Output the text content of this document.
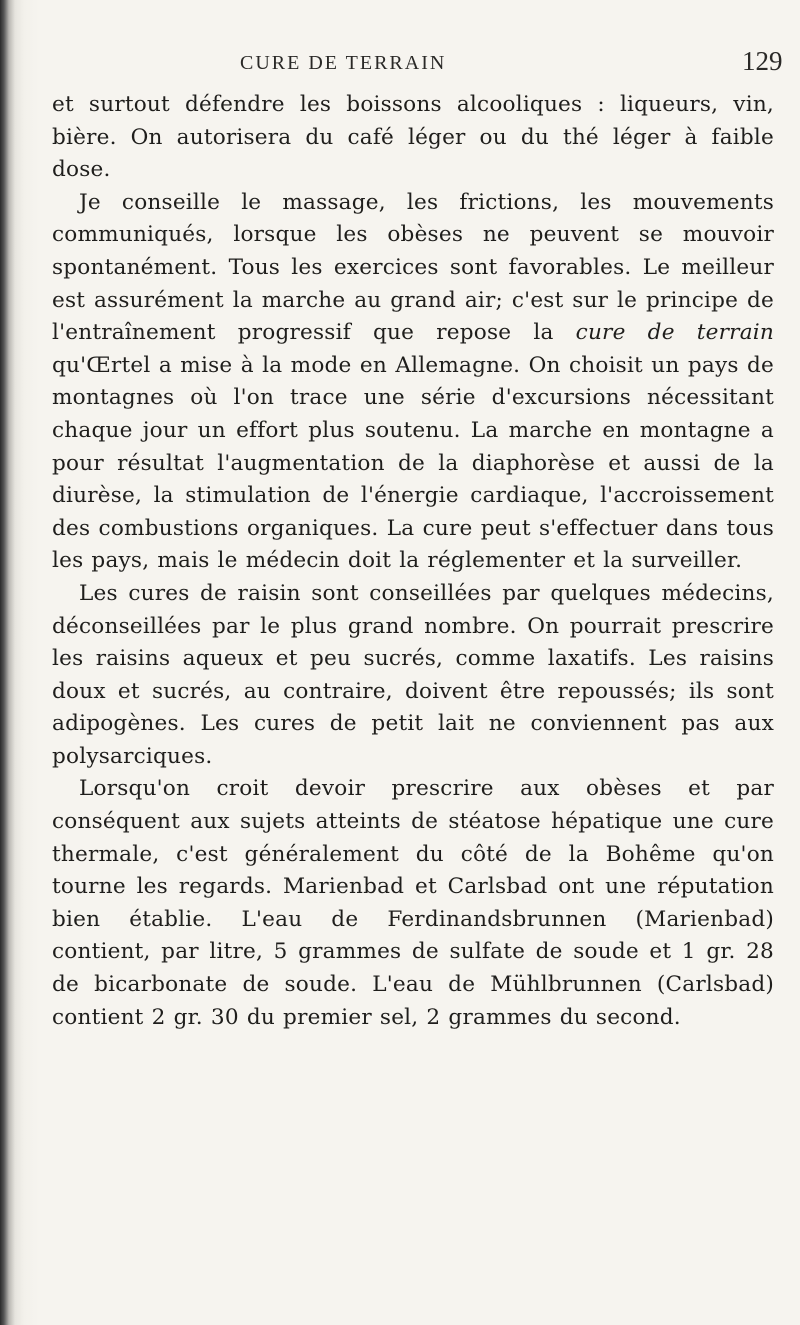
CURE DE TERRAIN	129

et surtout défendre les boissons alcooliques : liqueurs, vin, bière. On autorisera du café léger ou du thé léger à faible dose.

Je conseille le massage, les frictions, les mouvements communiqués, lorsque les obèses ne peuvent se mouvoir spontanément. Tous les exercices sont favorables. Le meilleur est assurément la marche au grand air; c'est sur le principe de l'entraînement progressif que repose la cure de terrain qu'Œrtel a mise à la mode en Allemagne. On choisit un pays de montagnes où l'on trace une série d'excursions nécessitant chaque jour un effort plus soutenu. La marche en montagne a pour résultat l'augmentation de la diaphorèse et aussi de la diurèse, la stimulation de l'énergie cardiaque, l'accroissement des combustions organiques. La cure peut s'effectuer dans tous les pays, mais le médecin doit la réglementer et la surveiller.

Les cures de raisin sont conseillées par quelques médecins, déconseillées par le plus grand nombre. On pourrait prescrire les raisins aqueux et peu sucrés, comme laxatifs. Les raisins doux et sucrés, au contraire, doivent être repoussés; ils sont adipogènes. Les cures de petit lait ne conviennent pas aux polysarciques.

Lorsqu'on croit devoir prescrire aux obèses et par conséquent aux sujets atteints de stéatose hépatique une cure thermale, c'est généralement du côté de la Bohême qu'on tourne les regards. Marienbad et Carlsbad ont une réputation bien établie. L'eau de Ferdinandsbrunnen (Marienbad) contient, par litre, 5 grammes de sulfate de soude et 1 gr. 28 de bicarbonate de soude. L'eau de Mühlbrunnen (Carlsbad) contient 2 gr. 30 du premier sel, 2 grammes du second.
